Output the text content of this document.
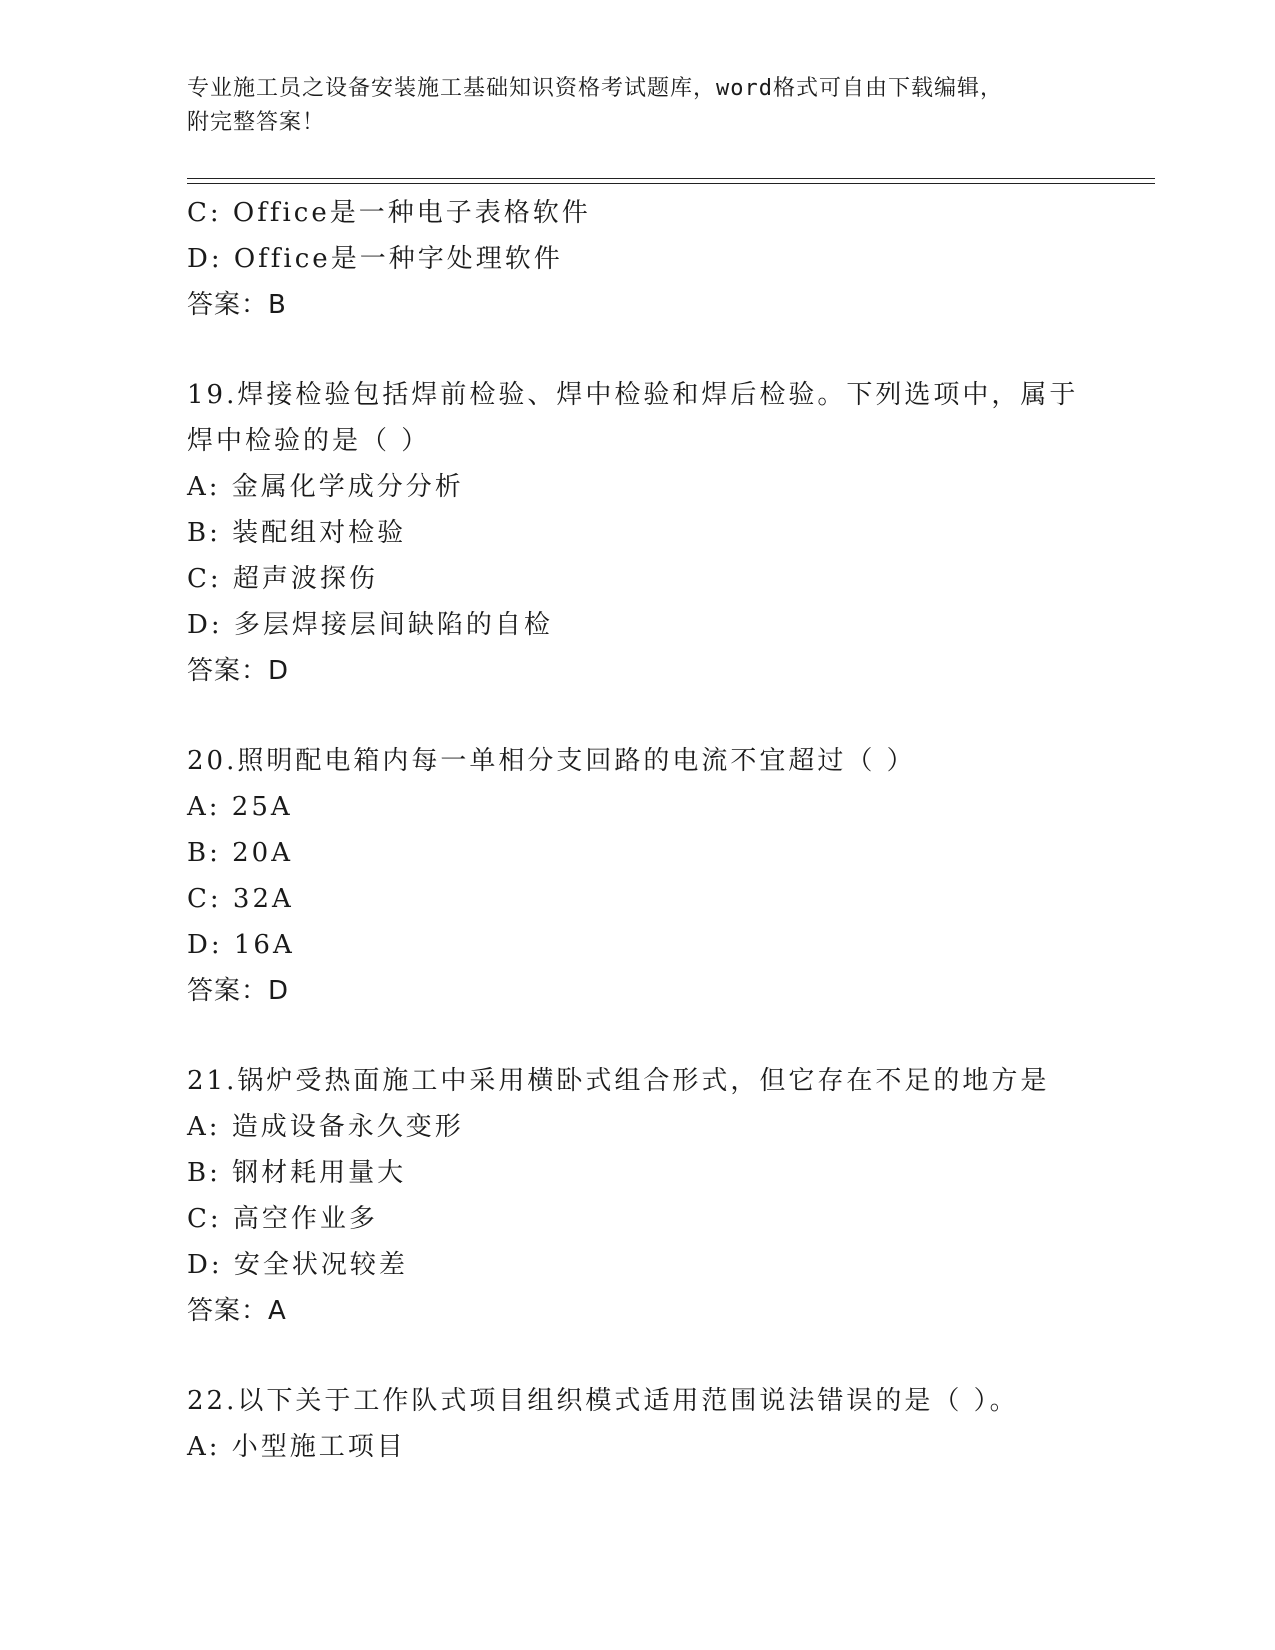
专业施工员之设备安装施工基础知识资格考试题库，word格式可自由下载编辑，
附完整答案！
C: Office是一种电子表格软件
D: Office是一种字处理软件
答案：B
19.焊接检验包括焊前检验、焊中检验和焊后检验。下列选项中，属于
焊中检验的是（ ）
A: 金属化学成分分析
B: 装配组对检验
C: 超声波探伤
D: 多层焊接层间缺陷的自检
答案：D
20.照明配电箱内每一单相分支回路的电流不宜超过（ ）
A: 25A
B: 20A
C: 32A
D: 16A
答案：D
21.锅炉受热面施工中采用横卧式组合形式，但它存在不足的地方是
A: 造成设备永久变形
B: 钢材耗用量大
C: 高空作业多
D: 安全状况较差
答案：A
22.以下关于工作队式项目组织模式适用范围说法错误的是（ ）。
A: 小型施工项目
